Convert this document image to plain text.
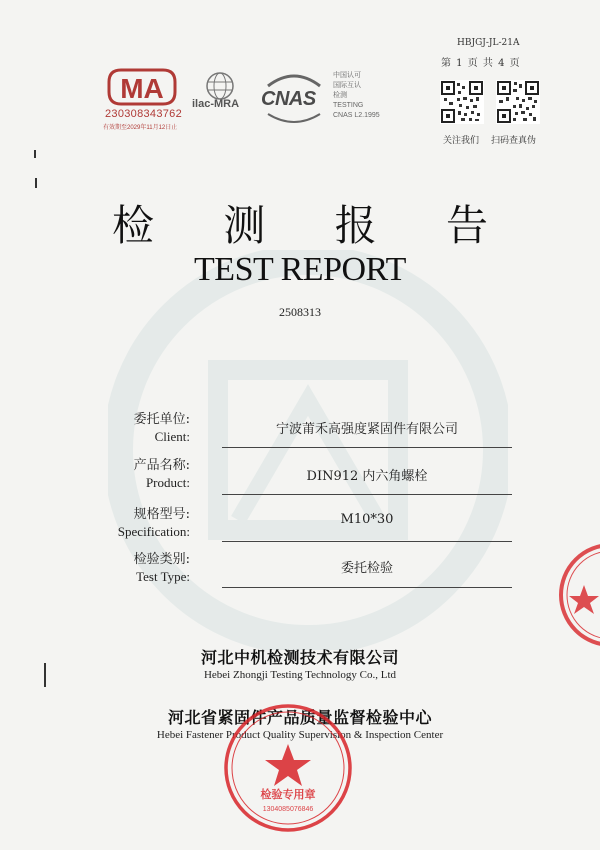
MA
230308343762
有效期至2029年11月12日止
ilac-MRA CNAS
中国认可
国际互认
检测
TESTING
CNAS L2.1995
HBJGJ-JL-21A
第 1 页 共 4 页
关注我们 扫码查真伪
检 测 报 告
TEST REPORT
2508313
委托单位:
Client:	宁波莆禾高强度紧固件有限公司
产品名称:
Product:	DIN912 内六角螺栓
规格型号:
Specification:
M10*30
检验类别:
Test Type:
委托检验
河北中机检测技术有限公司
Hebei Zhongji Testing Technology Co., Ltd
河北省紧固件产品质量监督检验中心
Hebei Fastener Product Quality Supervision & Inspection Center
检验专用章
1304085076846
